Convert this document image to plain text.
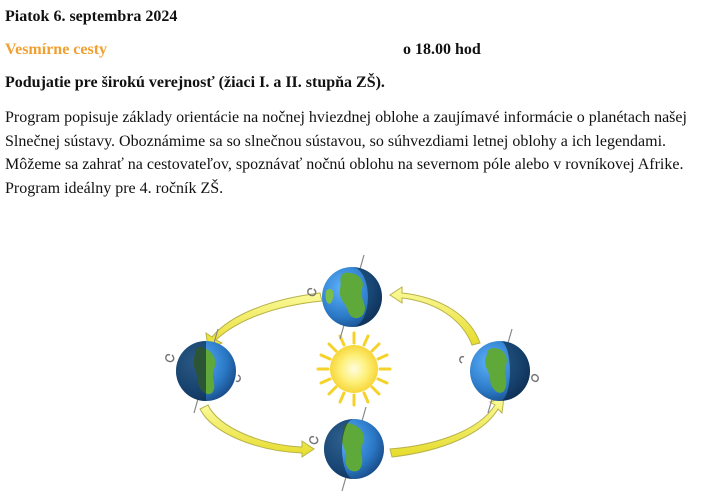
Piatok 6. septembra 2024
Vesmírne cesty	o 18.00 hod
Podujatie pre širokú verejnosť (žiaci I. a II. stupňa ZŠ).
Program popisuje základy orientácie na nočnej hviezdnej oblohe a zaujímavé informácie o planétach našej Slnečnej sústavy. Oboznámime sa so slnečnou sústavou, so súhvezdiami letnej oblohy a ich legendami. Môžeme sa zahrať na cestovateľov, spoznávať nočnú oblohu na severnom póle alebo v rovníkovej Afrike. Program ideálny pre 4. ročník ZŠ.
